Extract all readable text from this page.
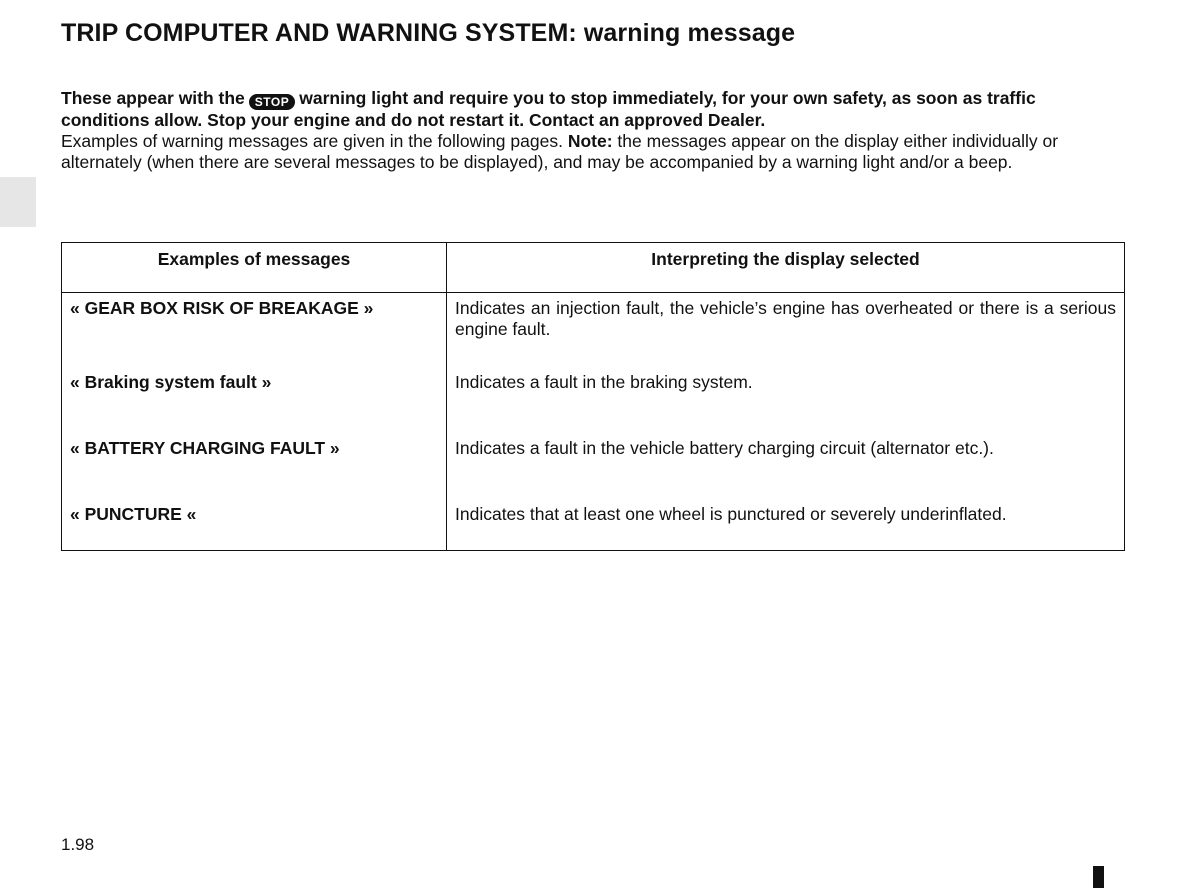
TRIP COMPUTER AND WARNING SYSTEM: warning message

These appear with the STOP warning light and require you to stop immediately, for your own safety, as soon as traffic conditions allow. Stop your engine and do not restart it. Contact an approved Dealer.

Examples of warning messages are given in the following pages. Note: the messages appear on the display either individually or alternately (when there are several messages to be displayed), and may be accompanied by a warning light and/or a beep.

Examples of messages	Interpreting the display selected
« GEAR BOX RISK OF BREAKAGE »	Indicates an injection fault, the vehicle’s engine has overheated or there is a serious engine fault.
« Braking system fault »	Indicates a fault in the braking system.
« BATTERY CHARGING FAULT »	Indicates a fault in the vehicle battery charging circuit (alternator etc.).
« PUNCTURE «	Indicates that at least one wheel is punctured or severely underinflated.
1.98
